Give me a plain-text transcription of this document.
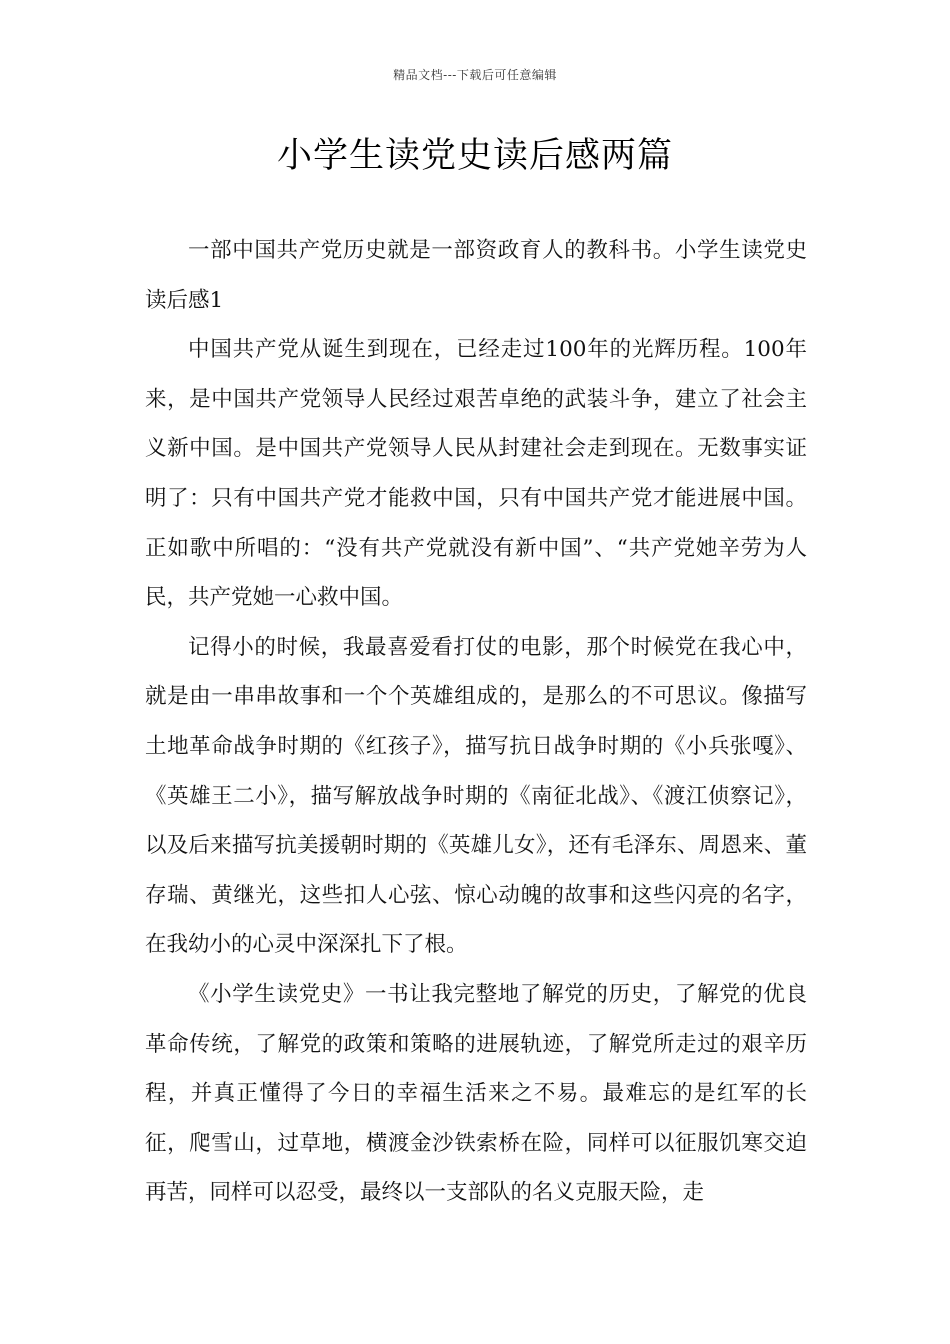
精品文档---下载后可任意编辑
小学生读党史读后感两篇

一部中国共产党历史就是一部资政育人的教科书。小学生读党史读后感1

中国共产党从诞生到现在，已经走过100年的光辉历程。100年来，是中国共产党领导人民经过艰苦卓绝的武装斗争，建立了社会主义新中国。是中国共产党领导人民从封建社会走到现在。无数事实证明了：只有中国共产党才能救中国，只有中国共产党才能进展中国。正如歌中所唱的：“没有共产党就没有新中国”、“共产党她辛劳为人民，共产党她一心救中国。

记得小的时候，我最喜爱看打仗的电影，那个时候党在我心中，就是由一串串故事和一个个英雄组成的，是那么的不可思议。像描写土地革命战争时期的《红孩子》，描写抗日战争时期的《小兵张嘎》、《英雄王二小》，描写解放战争时期的《南征北战》、《渡江侦察记》，以及后来描写抗美援朝时期的《英雄儿女》，还有毛泽东、周恩来、董存瑞、黄继光，这些扣人心弦、惊心动魄的故事和这些闪亮的名字，在我幼小的心灵中深深扎下了根。

《小学生读党史》一书让我完整地了解党的历史，了解党的优良革命传统，了解党的政策和策略的进展轨迹，了解党所走过的艰辛历程，并真正懂得了今日的幸福生活来之不易。最难忘的是红军的长征，爬雪山，过草地，横渡金沙铁索桥在险，同样可以征服饥寒交迫再苦，同样可以忍受，最终以一支部队的名义克服天险，走
